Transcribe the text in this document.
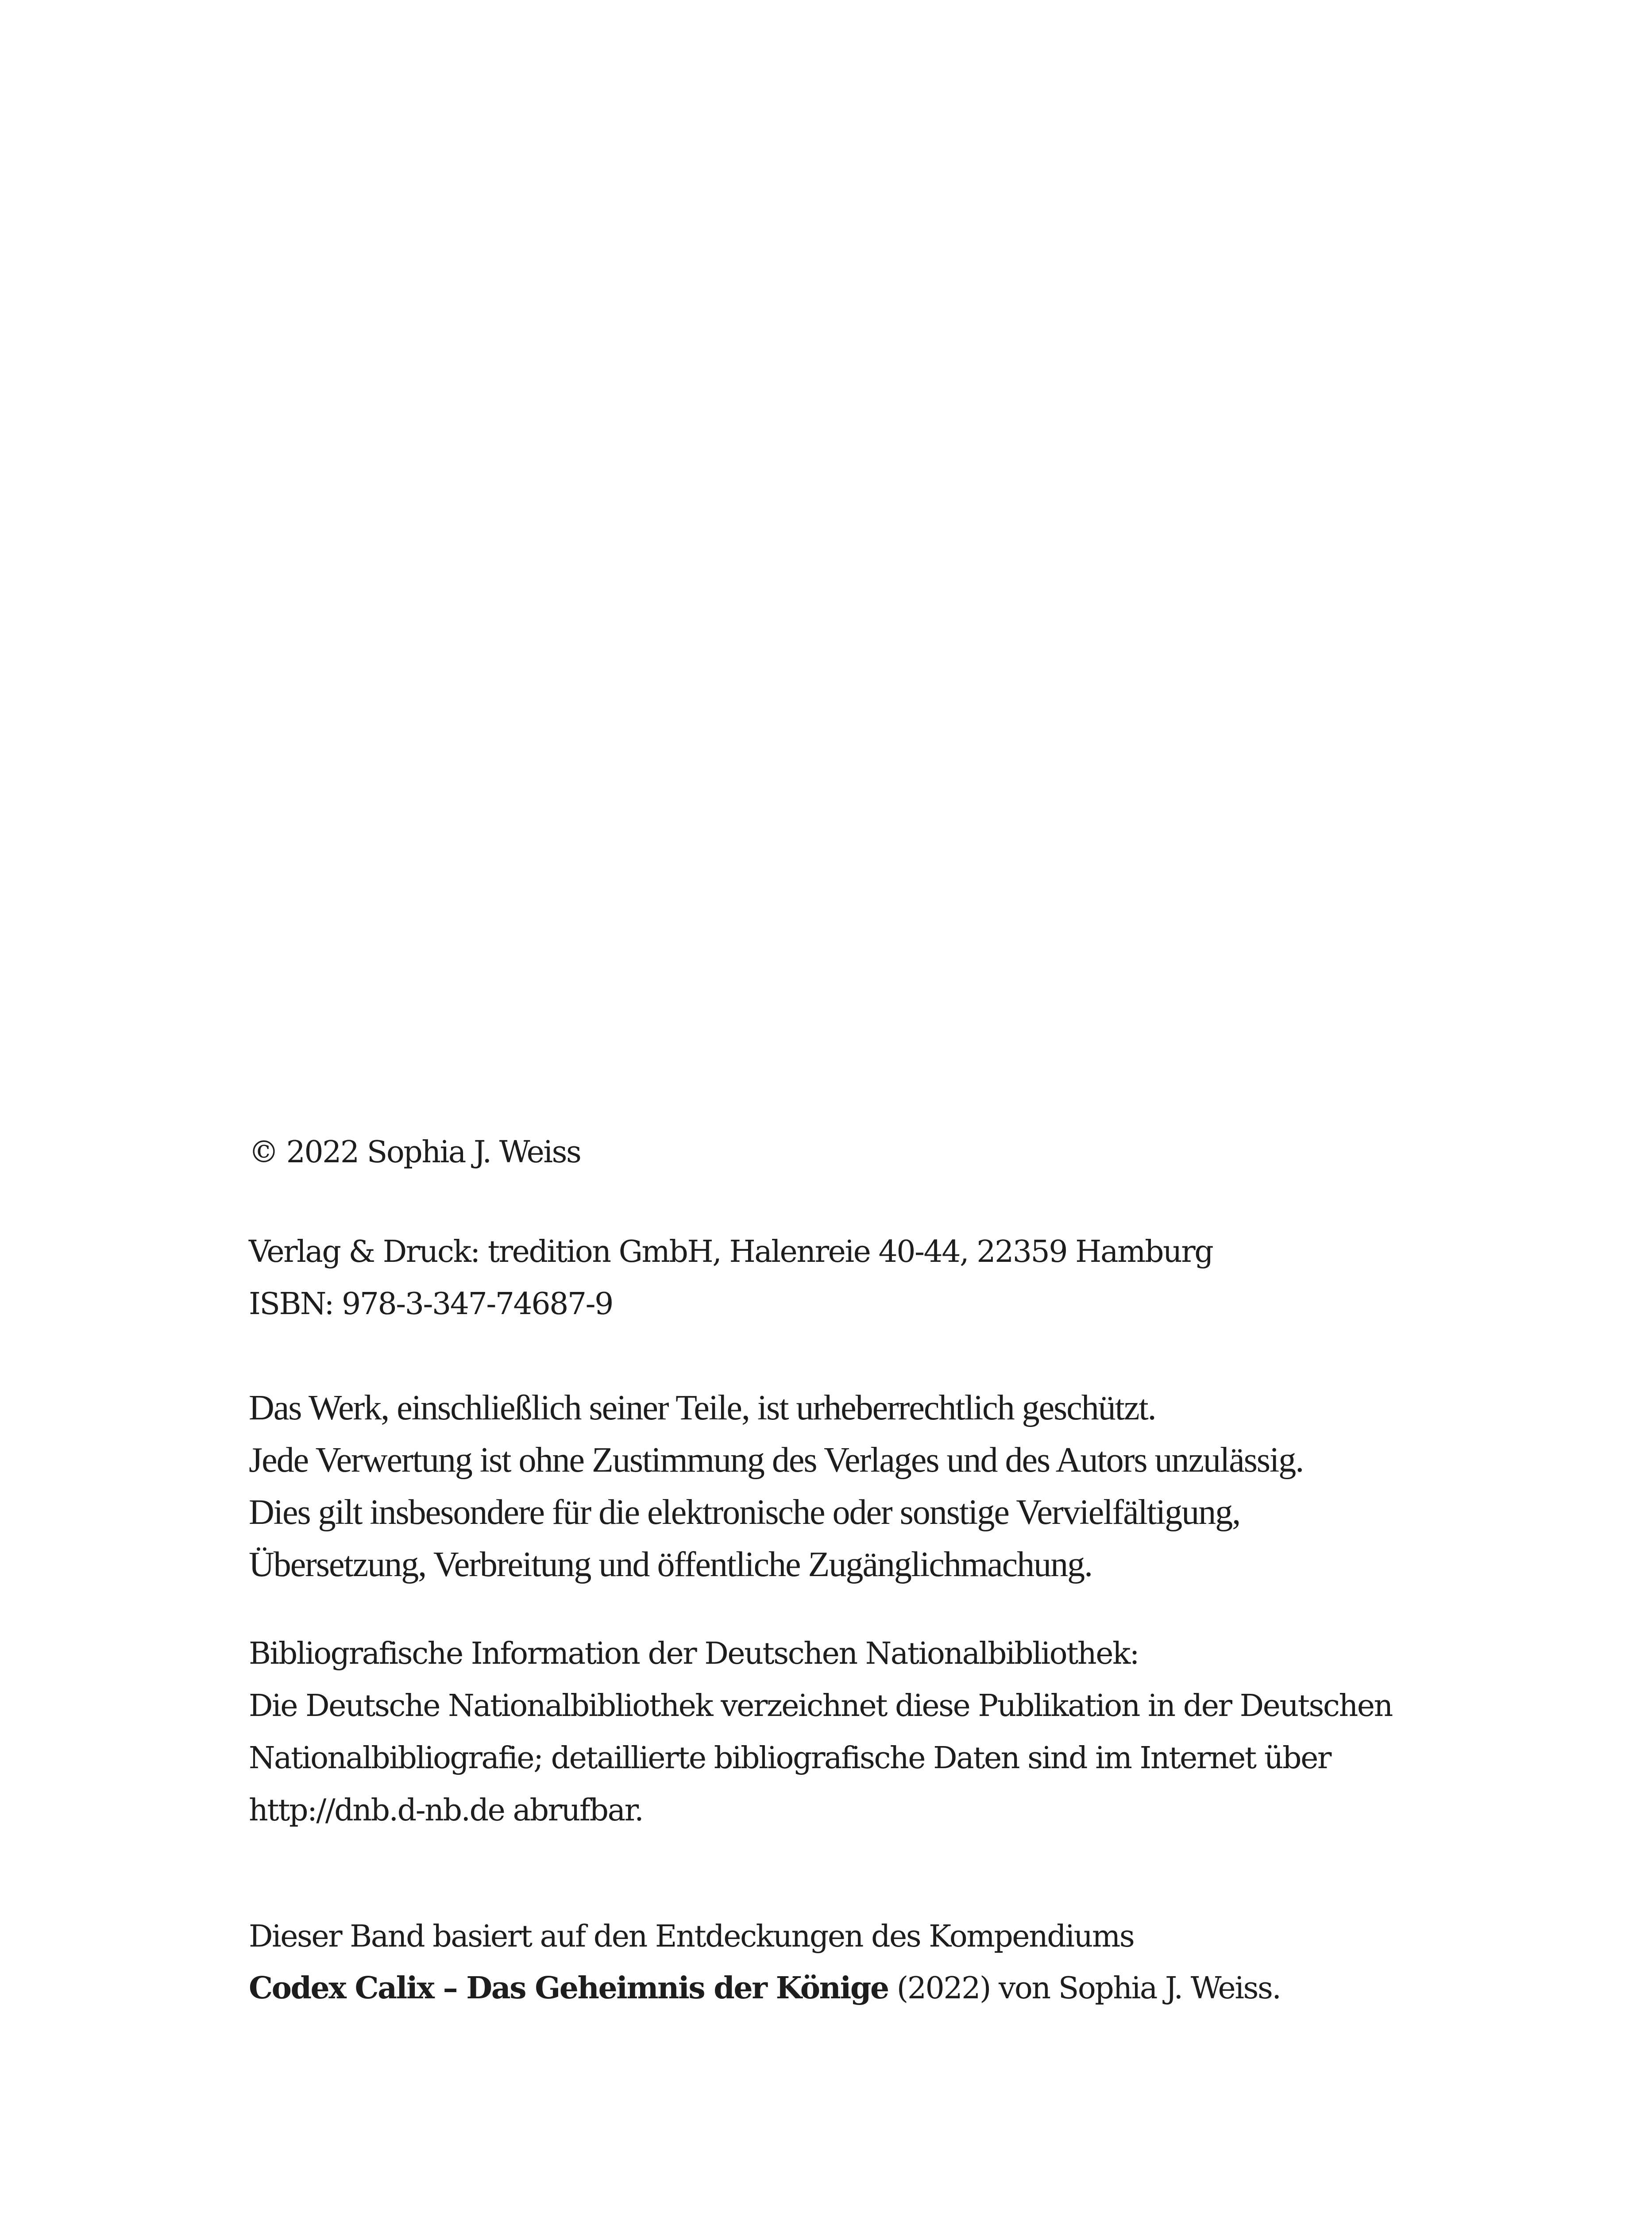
© 2022 Sophia J. Weiss
Verlag & Druck: tredition GmbH, Halenreie 40-44, 22359 Hamburg
ISBN: 978-3-347-74687-9
Das Werk, einschließlich seiner Teile, ist urheberrechtlich geschützt.
Jede Verwertung ist ohne Zustimmung des Verlages und des Autors unzulässig.
Dies gilt insbesondere für die elektronische oder sonstige Vervielfältigung,
Übersetzung, Verbreitung und öffentliche Zugänglichmachung.
Bibliografische Information der Deutschen Nationalbibliothek:
Die Deutsche Nationalbibliothek verzeichnet diese Publikation in der Deutschen
Nationalbibliografie; detaillierte bibliografische Daten sind im Internet über
http://dnb.d-nb.de abrufbar.
Dieser Band basiert auf den Entdeckungen des Kompendiums
Codex Calix – Das Geheimnis der Könige (2022) von Sophia J. Weiss.
